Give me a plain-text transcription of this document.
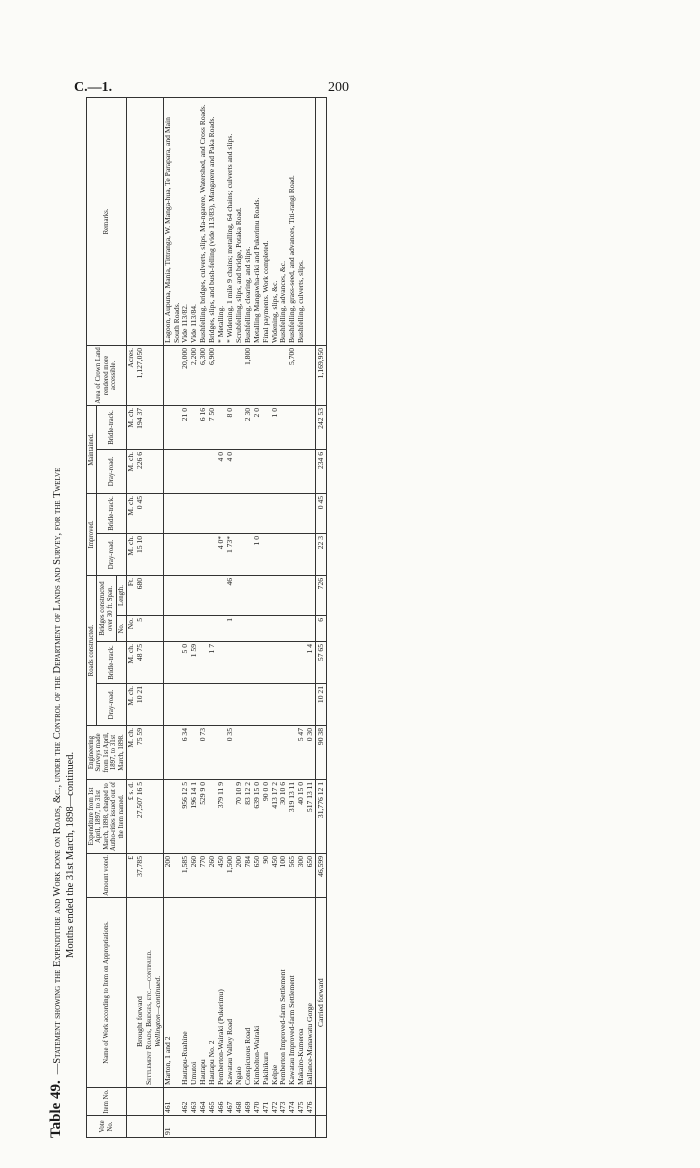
C.—1.	200
Table 49.—Statement showing the Expenditure and Work done on Roads, &c., under the Control of the Department of Lands and Survey, for the Twelve Months ended the 31st March, 1898—continued.
Vote No.	Item No.	Name of Work according to Item on Appropriations.	Amount voted.	Expenditure from 1st April, 1897, to 31st March, 1898, charged to Autho-rities issued out of the Item named.	Engineering Surveys made from 1st April, 1897, to 31st March, 1898.	Roads constructed.				Improved.		Maintained.		Area of Crown Land rendered more accessible.	Remarks.
						Dray-road.	Bridle-track.	Bridges constructed over 30 ft. Span.		Dray-road.	Bridle-track.	Dray-road.	Bridle-track.		
								No.	Length.						
			£	£ s. d.	M. ch.	M. ch.	M. ch.	No.	Ft.	M. ch.	M. ch.	M. ch.	M. ch.	Acres.	
		Brought forward	37,785	27,507 16 5	75 59	10 21	48 75	5	680	15 10	0 45	226 6	194 37	1,127,050	
		Settlement Roads, Bridges, etc.—continued.													
		Wellington—continued.													
91	461	Marton, 1 and 2	200												Lagoon, Aupuna, Mania, Tittranga, W. Manga-hua, Te Parapara, and Main South Roads.
	462	Hautapu-Ruahine	1,585	956 12 5	6 34		5 0						21 0	20,000	Vide 113/82.
	463	Umutoi	260	196 14 1			1 59							2,200	Vide 113/84.
	464	Hautapu	770	529 9 0	0 73								6 16	6,300	Bushfelling, bridges, culverts, slips, Ma-ngarere, Watershed, and Cross Roads.
	465	Hautapu No. 2	260				1 7						7 50	6,900	Bridges, slips, and bush-felling (vide 113/83), Mangarere and Paka Roads.
	466	Pemberton-Wairaki (Pukerimu)	450	379 11 9						4 0*		4 0			* Metalling.
	467	Kawatau Valley Road	1,500		0 35			1	46	1 73*		4 0	8 0		* Widening, 1 mile 9 chains; metalling, 64 chains; culverts and slips.
	468	Ngaio	200	70 10 9											Scrubfelling, slips, and bridge, Potaka Road.
	469	Conspicuous Road	784	83 12 2									2 30	1,800	Bushfelling, clearing, and slips.
	470	Kimbolton-Wairaki	650	639 15 0						1 0			2 0		Metalling Mangawha-riki and Pukerimu Roads.
	471	Pakihikura	90	90 0 0											Final payments. Work completed.
	472	Kelpie	450	413 17 2									1 0		Widening, slips, &c.
	473	Pemberton Improved-farm Settlement	100	30 10 6											Bushfelling, advances, &c.
	474	Kawatau Improved-farm Settlement	565	319 13 11										5,700	Bushfelling, grass-seed, and advances, Titi-rangi Road.
	475	Makairo-Kumeroa	300	40 15 0	5 47										Bushfelling, culverts, slips.
	476	Ballance-Manawatu Gorge	650	517 13 11	0 30		1 4								
		Carried forward	46,599	31,776 12 1	90 38	10 21	57 65	6	726	22 3	0 45	234 6	242 53	1,169,950	
